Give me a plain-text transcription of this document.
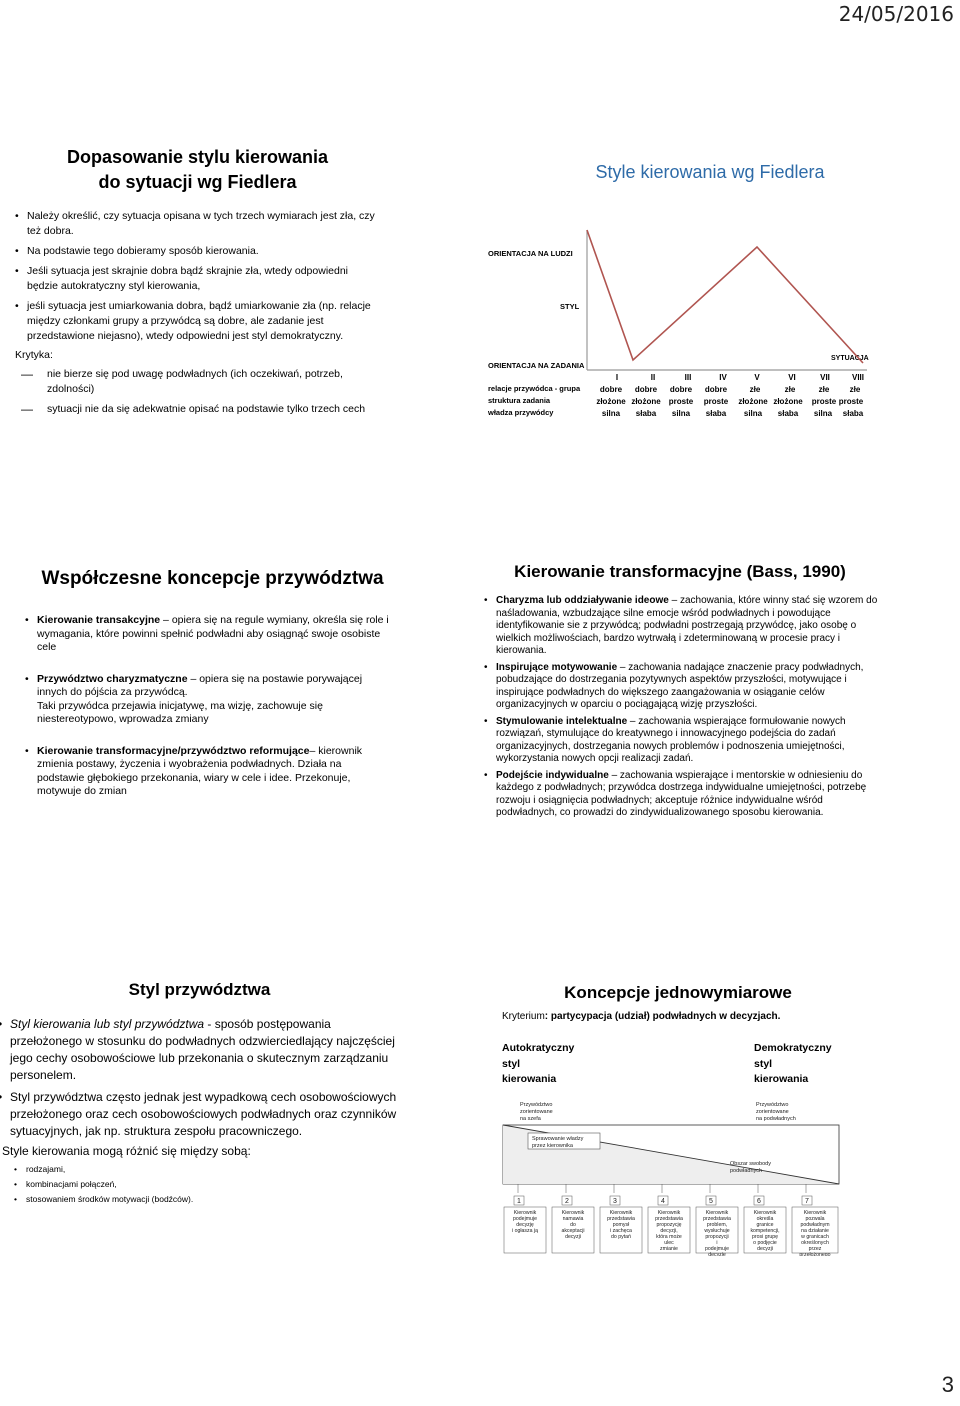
24/05/2016
Dopasowanie stylu kierowania
do sytuacji wg Fiedlera
• Należy określić, czy sytuacja opisana w tych trzech wymiarach jest zła, czy też dobra.
• Na podstawie tego dobieramy sposób kierowania.
• Jeśli sytuacja jest skrajnie dobra bądź skrajnie zła, wtedy odpowiedni będzie autokratyczny styl kierowania,
• jeśli sytuacja jest umiarkowania dobra, bądź umiarkowanie zła (np. relacje między członkami grupy a przywódcą są dobre, ale zadanie jest przedstawione niejasno), wtedy odpowiedni jest styl demokratyczny.
Krytyka:
— nie bierze się pod uwagę podwładnych (ich oczekiwań, potrzeb, zdolności)
— sytuacji nie da się adekwatnie opisać na podstawie tylko trzech cech
Style kierowania wg Fiedlera
ORIENTACJA NA LUDZI
STYL
ORIENTACJA NA ZADANIA
SYTUACJA
relacje przywódca - grupa
struktura zadania
władza przywódcy
I
dobre
złożone
silna
II
dobre
złożone
słaba
III
dobre
proste
silna
IV
dobre
proste
słaba
V
złe
złożone
silna
VI
złe
złożone
słaba
VII
złe
proste
silna
VIII
złe
proste
słaba
Współczesne koncepcje przywództwa
• Kierowanie transakcyjne – opiera się na regule wymiany, określa się role i wymagania, które powinni spełnić podwładni aby osiągnąć swoje osobiste cele
• Przywództwo charyzmatyczne – opiera się na postawie porywającej innych do pójścia za przywódcą.
Taki przywódca przejawia inicjatywę, ma wizję, zachowuje się niestereotypowo, wprowadza zmiany
• Kierowanie transformacyjne/przywództwo reformujące– kierownik zmienia postawy, życzenia i wyobrażenia podwładnych. Działa na podstawie głębokiego przekonania, wiary w cele i idee. Przekonuje, motywuje do zmian
Kierowanie transformacyjne (Bass, 1990)
• Charyzma lub oddziaływanie ideowe – zachowania, które winny stać się wzorem do naśladowania, wzbudzające silne emocje wśród podwładnych i powodujące identyfikowanie sie z przywódcą; podwładni postrzegają przywódcę, jako osobę o wielkich możliwościach, bardzo wytrwałą i zdeterminowaną w procesie pracy i kierowania.
• Inspirujące motywowanie – zachowania nadające znaczenie pracy podwładnych, pobudzające do dostrzegania pozytywnych aspektów przyszłości, motywujące i inspirujące podwładnych do większego zaangażowania w osiąganie celów organizacyjnych w oparciu o pociągającą wizję przyszłości.
• Stymulowanie intelektualne – zachowania wspierające formułowanie nowych rozwiązań, stymulujące do kreatywnego i innowacyjnego podejścia do zadań organizacyjnych, dostrzegania nowych problemów i podnoszenia umiejętności, wykorzystania nowych opcji realizacji zadań.
• Podejście indywidualne – zachowania wspierające i mentorskie w odniesieniu do każdego z podwładnych; przywódca dostrzega indywidualne umiejętności, potrzebę rozwoju i osiągnięcia podwładnych; akceptuje różnice indywidualne wśród podwładnych, co prowadzi do zindywidualizowanego sposobu kierowania.
Styl przywództwa
• Styl kierowania lub styl przywództwa - sposób postępowania przełożonego w stosunku do podwładnych odzwierciedlający najczęściej jego cechy osobowościowe lub przekonania o skutecznym zarządzaniu personelem.
• Styl przywództwa często jednak jest wypadkową cech osobowościowych przełożonego oraz cech osobowościowych podwładnych oraz czynników sytuacyjnych, jak np. struktura zespołu pracowniczego.
Style kierowania mogą różnić się między sobą:
• rodzajami,
• kombinacjami połączeń,
• stosowaniem środków motywacji (bodźców).
Koncepcje jednowymiarowe
Kryterium: partycypacja (udział) podwładnych w decyzjach.
Autokratyczny
styl
kierowania
Demokratyczny
styl
kierowania
Przywództwo
zorientowane
na szefa
Przywództwo
zorientowane
na podwładnych
Sprawowanie władzy
przez kierownika
Obszar swobody
podwładnych
1
Kierownik
podejmuje
decyzję
i ogłasza ją
2
Kierownik
namawia
do
akceptacji
decyzji
3
Kierownik
przedstawia
pomysł
i zachęca
do pytań
4
Kierownik
przedstawia
propozycję
decyzji,
która może
ulec
zmianie
5
Kierownik
przedstawia
problem,
wysłuchuje
propozycji
i
podejmuje
decyzję
6
Kierownik
określa
granice
kompetencji,
prosi grupę
o podjęcie
decyzji
7
Kierownik
pozwala
podwładnym
na działanie
w granicach
określonych
przez
przełożonego
3
